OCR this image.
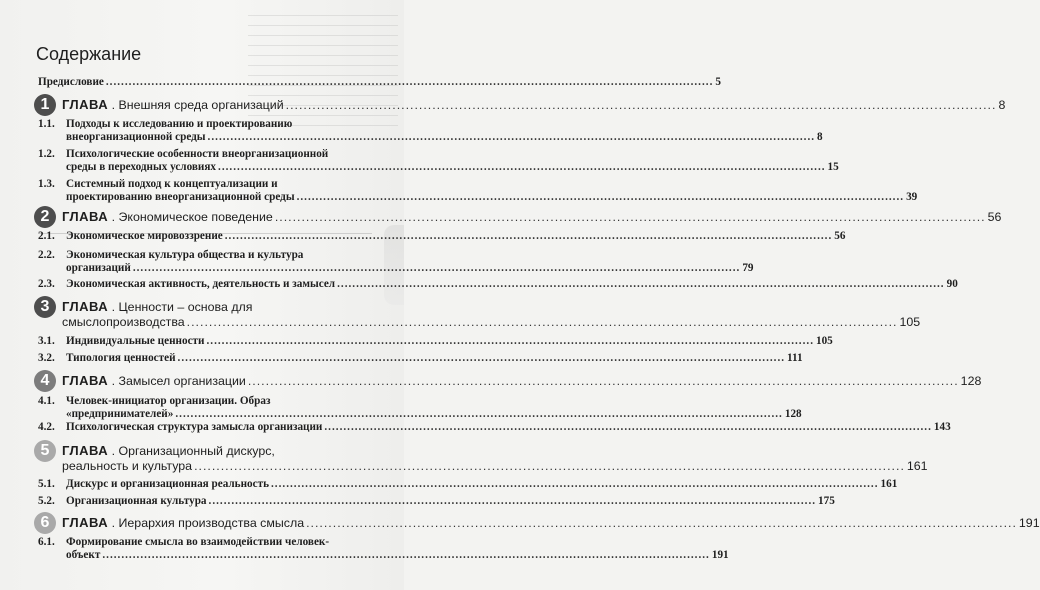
Содержание
Предисловие .....	5
1 ГЛАВА . Внешняя среда организаций .....	8
1.1. Подходы к исследованию и проектированию
внеорганизационной среды .....	8
1.2. Психологические особенности внеорганизационной
среды в переходных условиях .....	15
1.3. Системный подход к концептуализации и
проектированию внеорганизационной среды .....	39
2 ГЛАВА . Экономическое поведение .....	56
2.1. Экономическое мировоззрение .....	56
2.2. Экономическая культура общества и культура
организаций .....	79
2.3. Экономическая активность, деятельность и замысел .....	90
3 ГЛАВА . Ценности – основа для
смыслопроизводства .....	105
3.1. Индивидуальные ценности .....	105
3.2. Типология ценностей .....	111
4 ГЛАВА . Замысел организации .....	128
4.1. Человек-инициатор организации. Образ
«предпринимателей» .....	128
4.2. Психологическая структура замысла организации .....	143
5 ГЛАВА . Организационный дискурс,
реальность и культура .....	161
5.1. Дискурс и организационная реальность .....	161
5.2. Организационная культура .....	175
6 ГЛАВА . Иерархия производства смысла .....	191
6.1. Формирование смысла во взаимодействии человек-
объект .....	191
